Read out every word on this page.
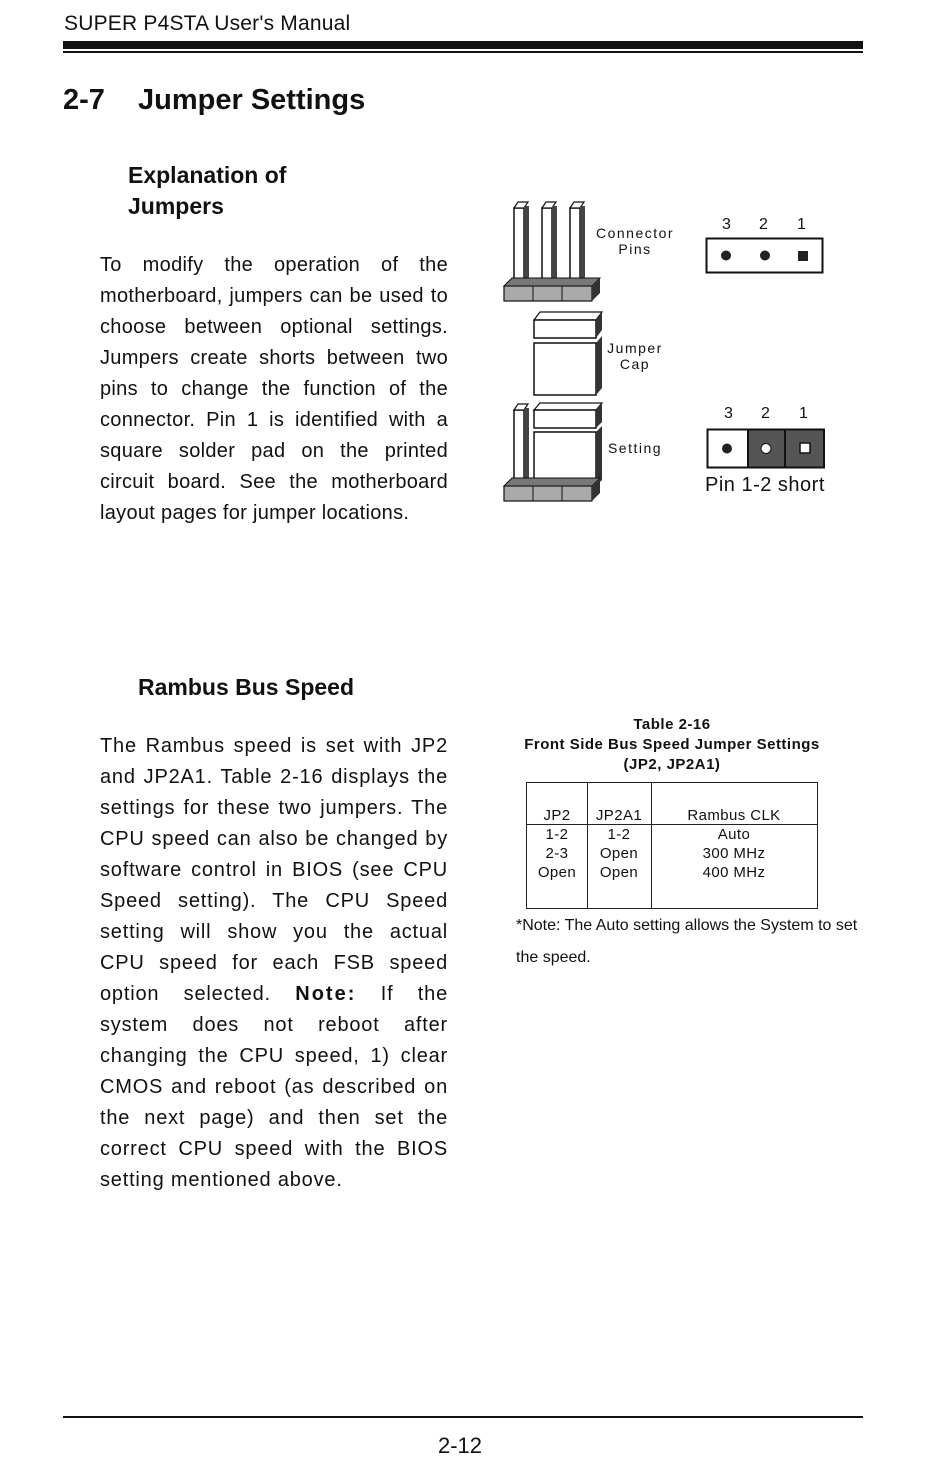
SUPER P4STA User's Manual
2-7 Jumper Settings
Explanation of
Jumpers
To modify the operation of the motherboard, jumpers can be used to choose between optional settings. Jumpers create shorts between two pins to change the function of the connector. Pin 1 is identified with a square solder pad on the printed circuit board. See the motherboard layout pages for jumper locations.
Connector
Pins
Jumper
Cap
Setting
3 2 1
3 2 1
Pin 1-2 short
Rambus Bus Speed
The Rambus speed is set with JP2 and JP2A1. Table 2-16 displays the settings for these two jumpers. The CPU speed can also be changed by software control in BIOS (see CPU Speed setting). The CPU Speed setting will show you the actual CPU speed for each FSB speed option selected. Note: If the system does not reboot after changing the CPU speed, 1) clear CMOS and reboot (as described on the next page) and then set the correct CPU speed with the BIOS setting mentioned above.
Table 2-16
Front Side Bus Speed Jumper Settings
(JP2, JP2A1)
JP2	JP2A1	Rambus CLK
1-2	1-2	Auto
2-3	Open	300 MHz
Open	Open	400 MHz
*Note: The Auto setting allows the System to set the speed.
2-12
